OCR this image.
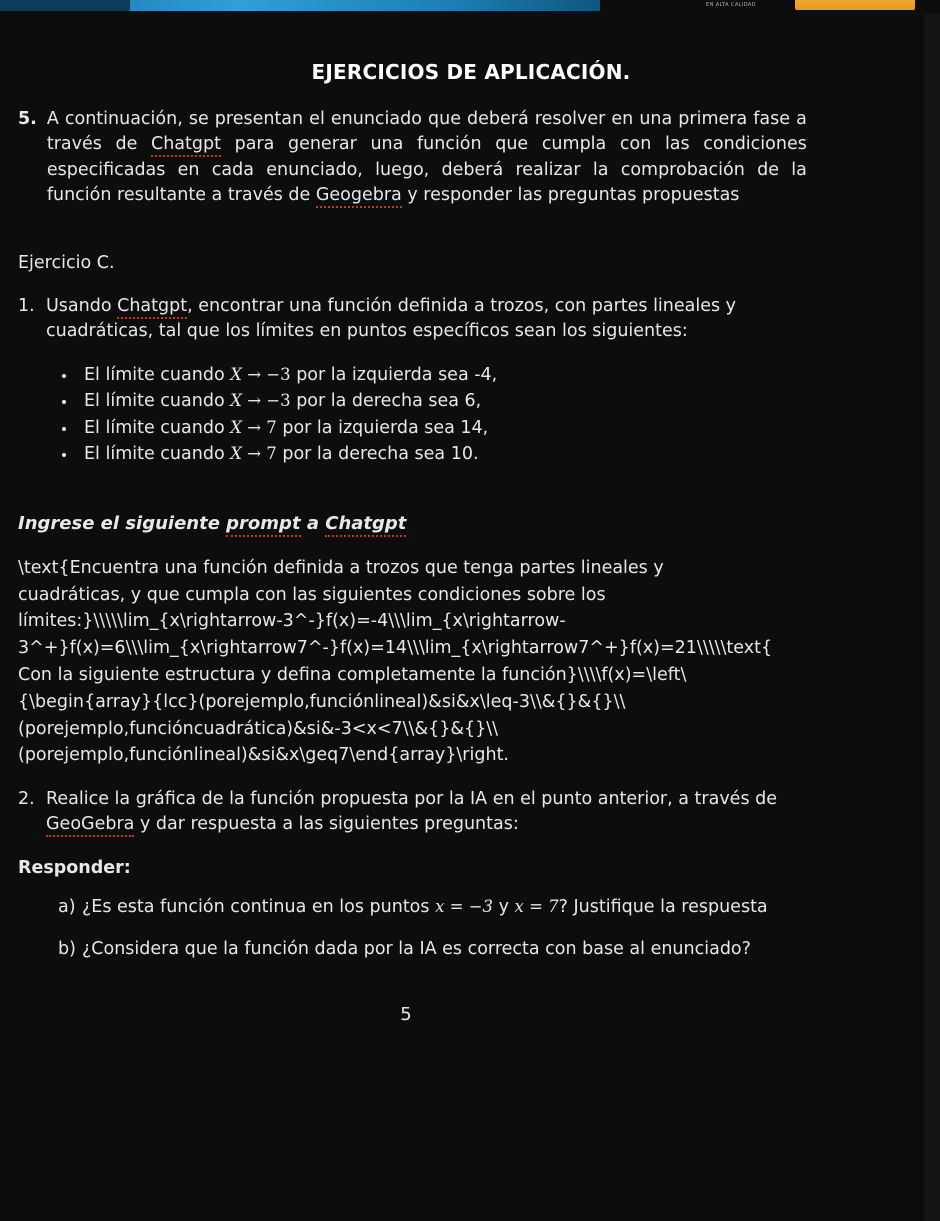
EN ALTA CALIDAD
EJERCICIOS DE APLICACIÓN.
5. A continuación, se presentan el enunciado que deberá resolver en una primera fase a través de Chatgpt para generar una función que cumpla con las condiciones especificadas en cada enunciado, luego, deberá realizar la comprobación de la función resultante a través de Geogebra y responder las preguntas propuestas

Ejercicio C.

1. Usando Chatgpt, encontrar una función definida a trozos, con partes lineales y cuadráticas, tal que los límites en puntos específicos sean los siguientes:
El límite cuando X → −3 por la izquierda sea -4,
El límite cuando X → −3 por la derecha sea 6,
El límite cuando X → 7 por la izquierda sea 14,
El límite cuando X → 7 por la derecha sea 10.

Ingrese el siguiente prompt a Chatgpt

\text{Encuentra una función definida a trozos que tenga partes lineales y cuadráticas, y que cumpla con las siguientes condiciones sobre los límites:}\\\\\lim_{x\rightarrow-3^-}f(x)=-4\\\lim_{x\rightarrow-3^+}f(x)=6\\\lim_{x\rightarrow7^-}f(x)=14\\\lim_{x\rightarrow7^+}f(x)=21\\\\\text{Con la siguiente estructura y defina completamente la función}\\\\f(x)=\left\{\begin{array}{lcc}(porejemplo,funciónlineal)&si&x\leq-3\\&{}&{}\\(porejemplo,funcióncuadrática)&si&-3<x<7\\&{}&{}\\(porejemplo,funciónlineal)&si&x\geq7\end{array}\right.
2. Realice la gráfica de la función propuesta por la IA en el punto anterior, a través de GeoGebra y dar respuesta a las siguientes preguntas:

Responder:

a) ¿Es esta función continua en los puntos x = −3 y x = 7? Justifique la respuesta
b) ¿Considera que la función dada por la IA es correcta con base al enunciado?
5
